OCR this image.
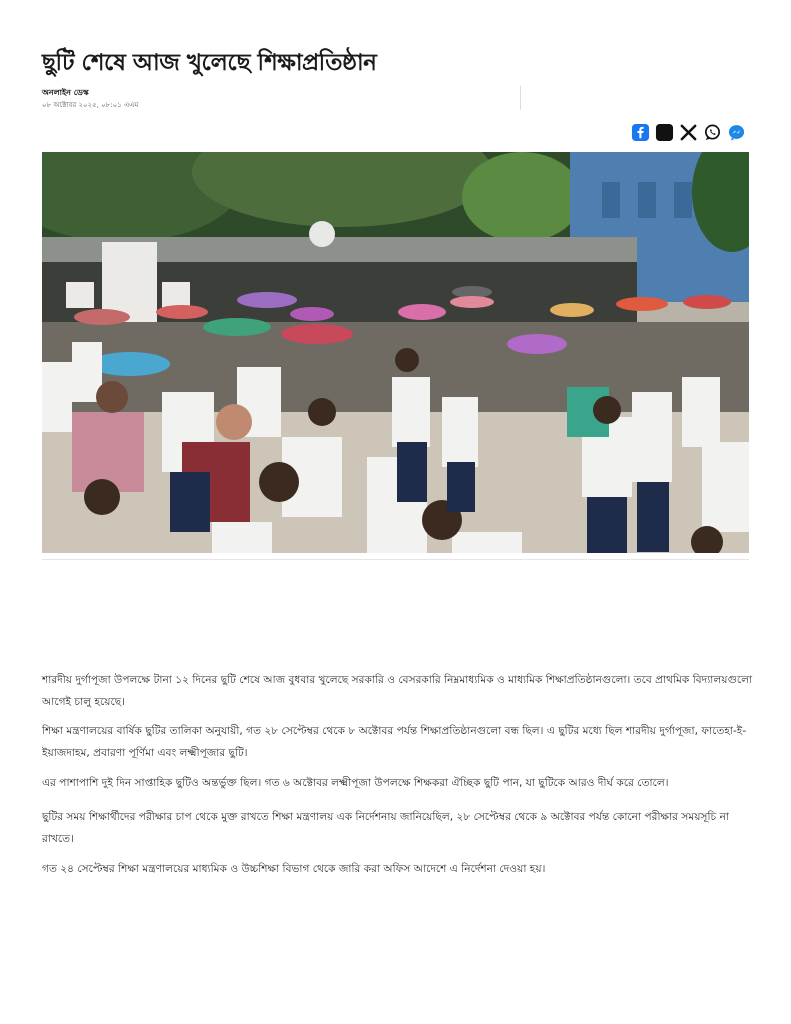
ছুটি শেষে আজ খুলেছে শিক্ষাপ্রতিষ্ঠান
অনলাইন ডেস্ক
০৮ অক্টোবর ২০২৫, ০৮:০১ এএম

শারদীয় দুর্গাপূজা উপলক্ষে টানা ১২ দিনের ছুটি শেষে আজ বুধবার খুলেছে সরকারি ও বেসরকারি নিম্নমাধ্যমিক ও মাধ্যমিক শিক্ষাপ্রতিষ্ঠানগুলো। তবে প্রাথমিক বিদ্যালয়গুলো আগেই চালু হয়েছে।

শিক্ষা মন্ত্রণালয়ের বার্ষিক ছুটির তালিকা অনুযায়ী, গত ২৮ সেপ্টেম্বর থেকে ৮ অক্টোবর পর্যন্ত শিক্ষাপ্রতিষ্ঠানগুলো বন্ধ ছিল। এ ছুটির মধ্যে ছিল শারদীয় দুর্গাপূজা, ফাতেহা-ই-ইয়াজদাহম, প্রবারণা পূর্ণিমা এবং লক্ষ্মীপূজার ছুটি।

এর পাশাপাশি দুই দিন সাপ্তাহিক ছুটিও অন্তর্ভুক্ত ছিল। গত ৬ অক্টোবর লক্ষ্মীপূজা উপলক্ষে শিক্ষকরা ঐচ্ছিক ছুটি পান, যা ছুটিকে আরও দীর্ঘ করে তোলে।

ছুটির সময় শিক্ষার্থীদের পরীক্ষার চাপ থেকে মুক্ত রাখতে শিক্ষা মন্ত্রণালয় এক নির্দেশনায় জানিয়েছিল, ২৮ সেপ্টেম্বর থেকে ৯ অক্টোবর পর্যন্ত কোনো পরীক্ষার সময়সূচি না রাখতে।

গত ২৪ সেপ্টেম্বর শিক্ষা মন্ত্রণালয়ের মাধ্যমিক ও উচ্চশিক্ষা বিভাগ থেকে জারি করা অফিস আদেশে এ নির্দেশনা দেওয়া হয়।
